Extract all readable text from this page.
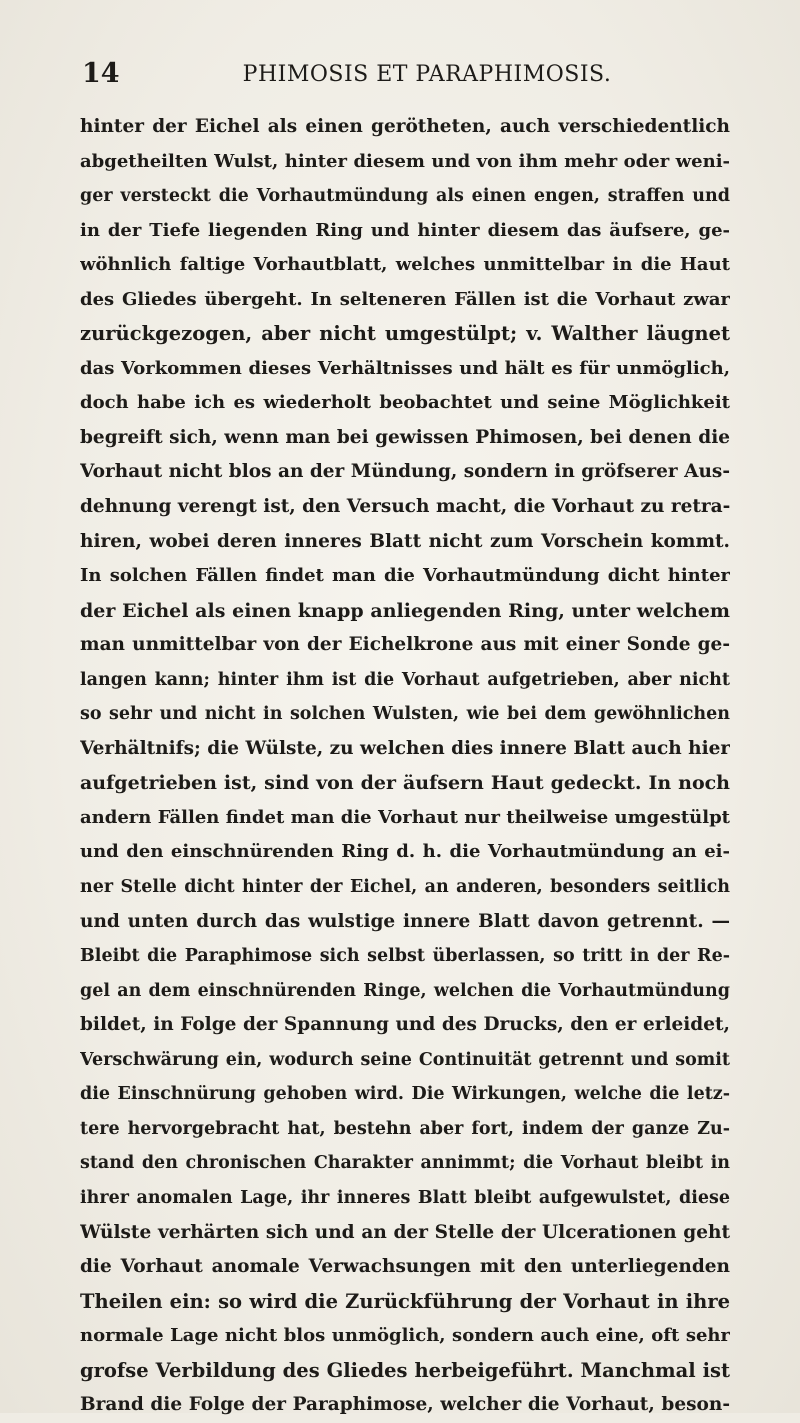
14	PHIMOSIS ET PARAPHIMOSIS.
hinter der Eichel als einen gerötheten, auch verschiedentlich
abgetheilten Wulst, hinter diesem und von ihm mehr oder weni-
ger versteckt die Vorhautmündung als einen engen, straffen und
in der Tiefe liegenden Ring und hinter diesem das äufsere, ge-
wöhnlich faltige Vorhautblatt, welches unmittelbar in die Haut
des Gliedes übergeht. In selteneren Fällen ist die Vorhaut zwar
zurückgezogen, aber nicht umgestülpt; v. Walther läugnet
das Vorkommen dieses Verhältnisses und hält es für unmöglich,
doch habe ich es wiederholt beobachtet und seine Möglichkeit
begreift sich, wenn man bei gewissen Phimosen, bei denen die
Vorhaut nicht blos an der Mündung, sondern in gröfserer Aus-
dehnung verengt ist, den Versuch macht, die Vorhaut zu retra-
hiren, wobei deren inneres Blatt nicht zum Vorschein kommt.
In solchen Fällen findet man die Vorhautmündung dicht hinter
der Eichel als einen knapp anliegenden Ring, unter welchem
man unmittelbar von der Eichelkrone aus mit einer Sonde ge-
langen kann; hinter ihm ist die Vorhaut aufgetrieben, aber nicht
so sehr und nicht in solchen Wulsten, wie bei dem gewöhnlichen
Verhältnifs; die Wülste, zu welchen dies innere Blatt auch hier
aufgetrieben ist, sind von der äufsern Haut gedeckt. In noch
andern Fällen findet man die Vorhaut nur theilweise umgestülpt
und den einschnürenden Ring d. h. die Vorhautmündung an ei-
ner Stelle dicht hinter der Eichel, an anderen, besonders seitlich
und unten durch das wulstige innere Blatt davon getrennt. —
Bleibt die Paraphimose sich selbst überlassen, so tritt in der Re-
gel an dem einschnürenden Ringe, welchen die Vorhautmündung
bildet, in Folge der Spannung und des Drucks, den er erleidet,
Verschwärung ein, wodurch seine Continuität getrennt und somit
die Einschnürung gehoben wird. Die Wirkungen, welche die letz-
tere hervorgebracht hat, bestehn aber fort, indem der ganze Zu-
stand den chronischen Charakter annimmt; die Vorhaut bleibt in
ihrer anomalen Lage, ihr inneres Blatt bleibt aufgewulstet, diese
Wülste verhärten sich und an der Stelle der Ulcerationen geht
die Vorhaut anomale Verwachsungen mit den unterliegenden
Theilen ein: so wird die Zurückführung der Vorhaut in ihre
normale Lage nicht blos unmöglich, sondern auch eine, oft sehr
grofse Verbildung des Gliedes herbeigeführt. Manchmal ist
Brand die Folge der Paraphimose, welcher die Vorhaut, beson-
